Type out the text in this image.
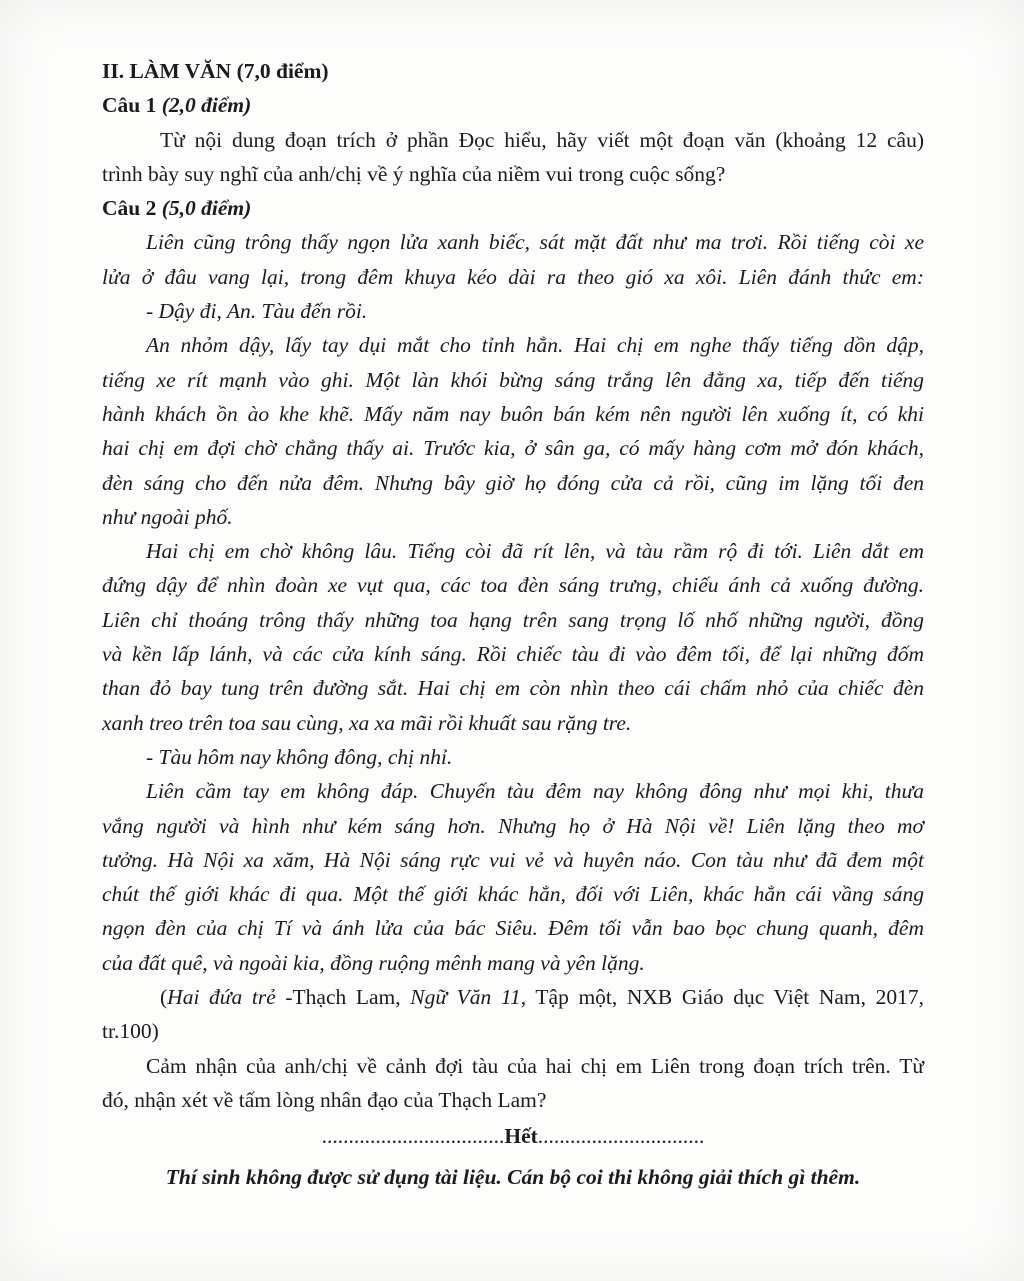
II. LÀM VĂN (7,0 điểm)
Câu 1 (2,0 điểm)
Từ nội dung đoạn trích ở phần Đọc hiểu, hãy viết một đoạn văn (khoảng 12 câu)
trình bày suy nghĩ của anh/chị về ý nghĩa của niềm vui trong cuộc sống?
Câu 2 (5,0 điểm)
Liên cũng trông thấy ngọn lửa xanh biếc, sát mặt đất như ma trơi. Rồi tiếng còi xe
lửa ở đâu vang lại, trong đêm khuya kéo dài ra theo gió xa xôi. Liên đánh thức em:
- Dậy đi, An. Tàu đến rồi.
An nhỏm dậy, lấy tay dụi mắt cho tỉnh hẳn. Hai chị em nghe thấy tiếng dồn dập,
tiếng xe rít mạnh vào ghi. Một làn khói bừng sáng trắng lên đằng xa, tiếp đến tiếng
hành khách ồn ào khe khẽ. Mấy năm nay buôn bán kém nên người lên xuống ít, có khi
hai chị em đợi chờ chẳng thấy ai. Trước kia, ở sân ga, có mấy hàng cơm mở đón khách,
đèn sáng cho đến nửa đêm. Nhưng bây giờ họ đóng cửa cả rồi, cũng im lặng tối đen
như ngoài phố.
Hai chị em chờ không lâu. Tiếng còi đã rít lên, và tàu rầm rộ đi tới. Liên dắt em
đứng dậy để nhìn đoàn xe vụt qua, các toa đèn sáng trưng, chiếu ánh cả xuống đường.
Liên chỉ thoáng trông thấy những toa hạng trên sang trọng lố nhố những người, đồng
và kền lấp lánh, và các cửa kính sáng. Rồi chiếc tàu đi vào đêm tối, để lại những đốm
than đỏ bay tung trên đường sắt. Hai chị em còn nhìn theo cái chấm nhỏ của chiếc đèn
xanh treo trên toa sau cùng, xa xa mãi rồi khuất sau rặng tre.
- Tàu hôm nay không đông, chị nhỉ.
Liên cầm tay em không đáp. Chuyến tàu đêm nay không đông như mọi khi, thưa
vắng người và hình như kém sáng hơn. Nhưng họ ở Hà Nội về! Liên lặng theo mơ
tưởng. Hà Nội xa xăm, Hà Nội sáng rực vui vẻ và huyên náo. Con tàu như đã đem một
chút thế giới khác đi qua. Một thế giới khác hẳn, đối với Liên, khác hẳn cái vầng sáng
ngọn đèn của chị Tí và ánh lửa của bác Siêu. Đêm tối vẫn bao bọc chung quanh, đêm
của đất quê, và ngoài kia, đồng ruộng mênh mang và yên lặng.
(Hai đứa trẻ -Thạch Lam, Ngữ Văn 11, Tập một, NXB Giáo dục Việt Nam, 2017,
tr.100)
Cảm nhận của anh/chị về cảnh đợi tàu của hai chị em Liên trong đoạn trích trên. Từ
đó, nhận xét về tấm lòng nhân đạo của Thạch Lam?
..................................Hết...............................
Thí sinh không được sử dụng tài liệu. Cán bộ coi thi không giải thích gì thêm.
